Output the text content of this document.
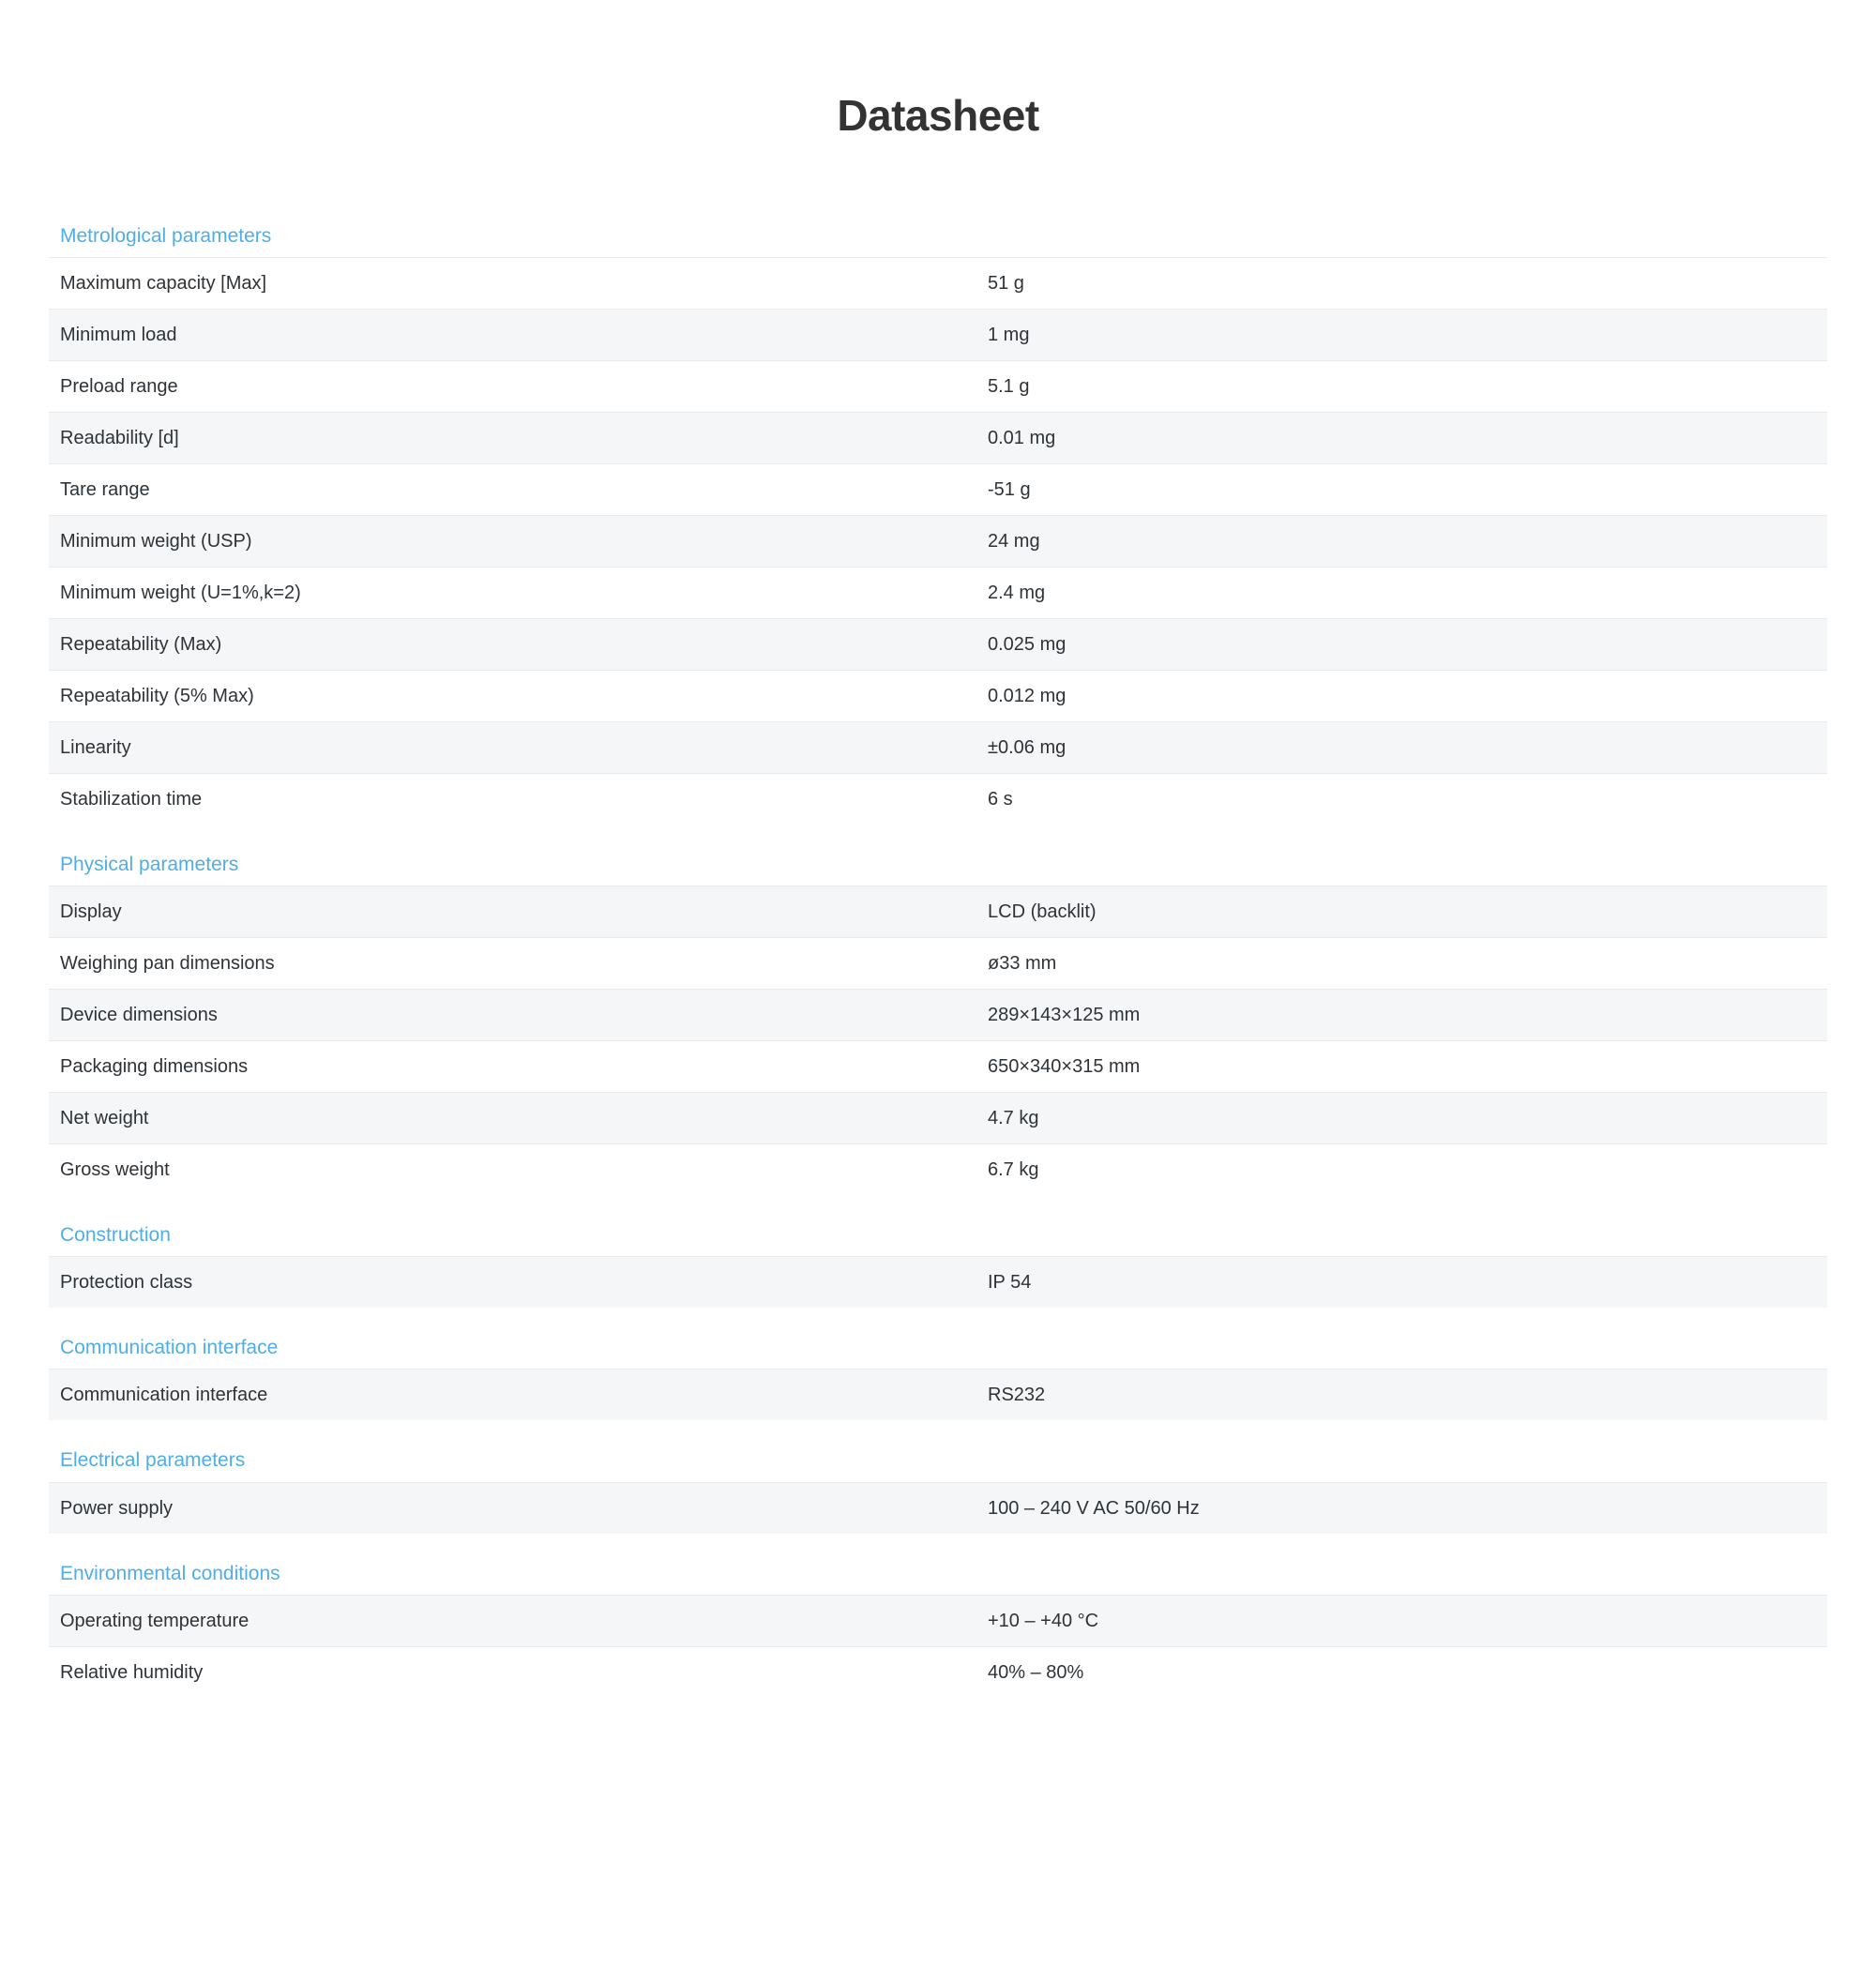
Datasheet
Metrological parameters
Maximum capacity [Max]	51 g
Minimum load	1 mg
Preload range	5.1 g
Readability [d]	0.01 mg
Tare range	-51 g
Minimum weight (USP)	24 mg
Minimum weight (U=1%,k=2)	2.4 mg
Repeatability (Max)	0.025 mg
Repeatability (5% Max)	0.012 mg
Linearity	±0.06 mg
Stabilization time	6 s
Physical parameters
Display	LCD (backlit)
Weighing pan dimensions	ø33 mm
Device dimensions	289×143×125 mm
Packaging dimensions	650×340×315 mm
Net weight	4.7 kg
Gross weight	6.7 kg
Construction
Protection class	IP 54
Communication interface
Communication interface	RS232
Electrical parameters
Power supply	100 – 240 V AC 50/60 Hz
Environmental conditions
Operating temperature	+10 – +40 °C
Relative humidity	40% – 80%
